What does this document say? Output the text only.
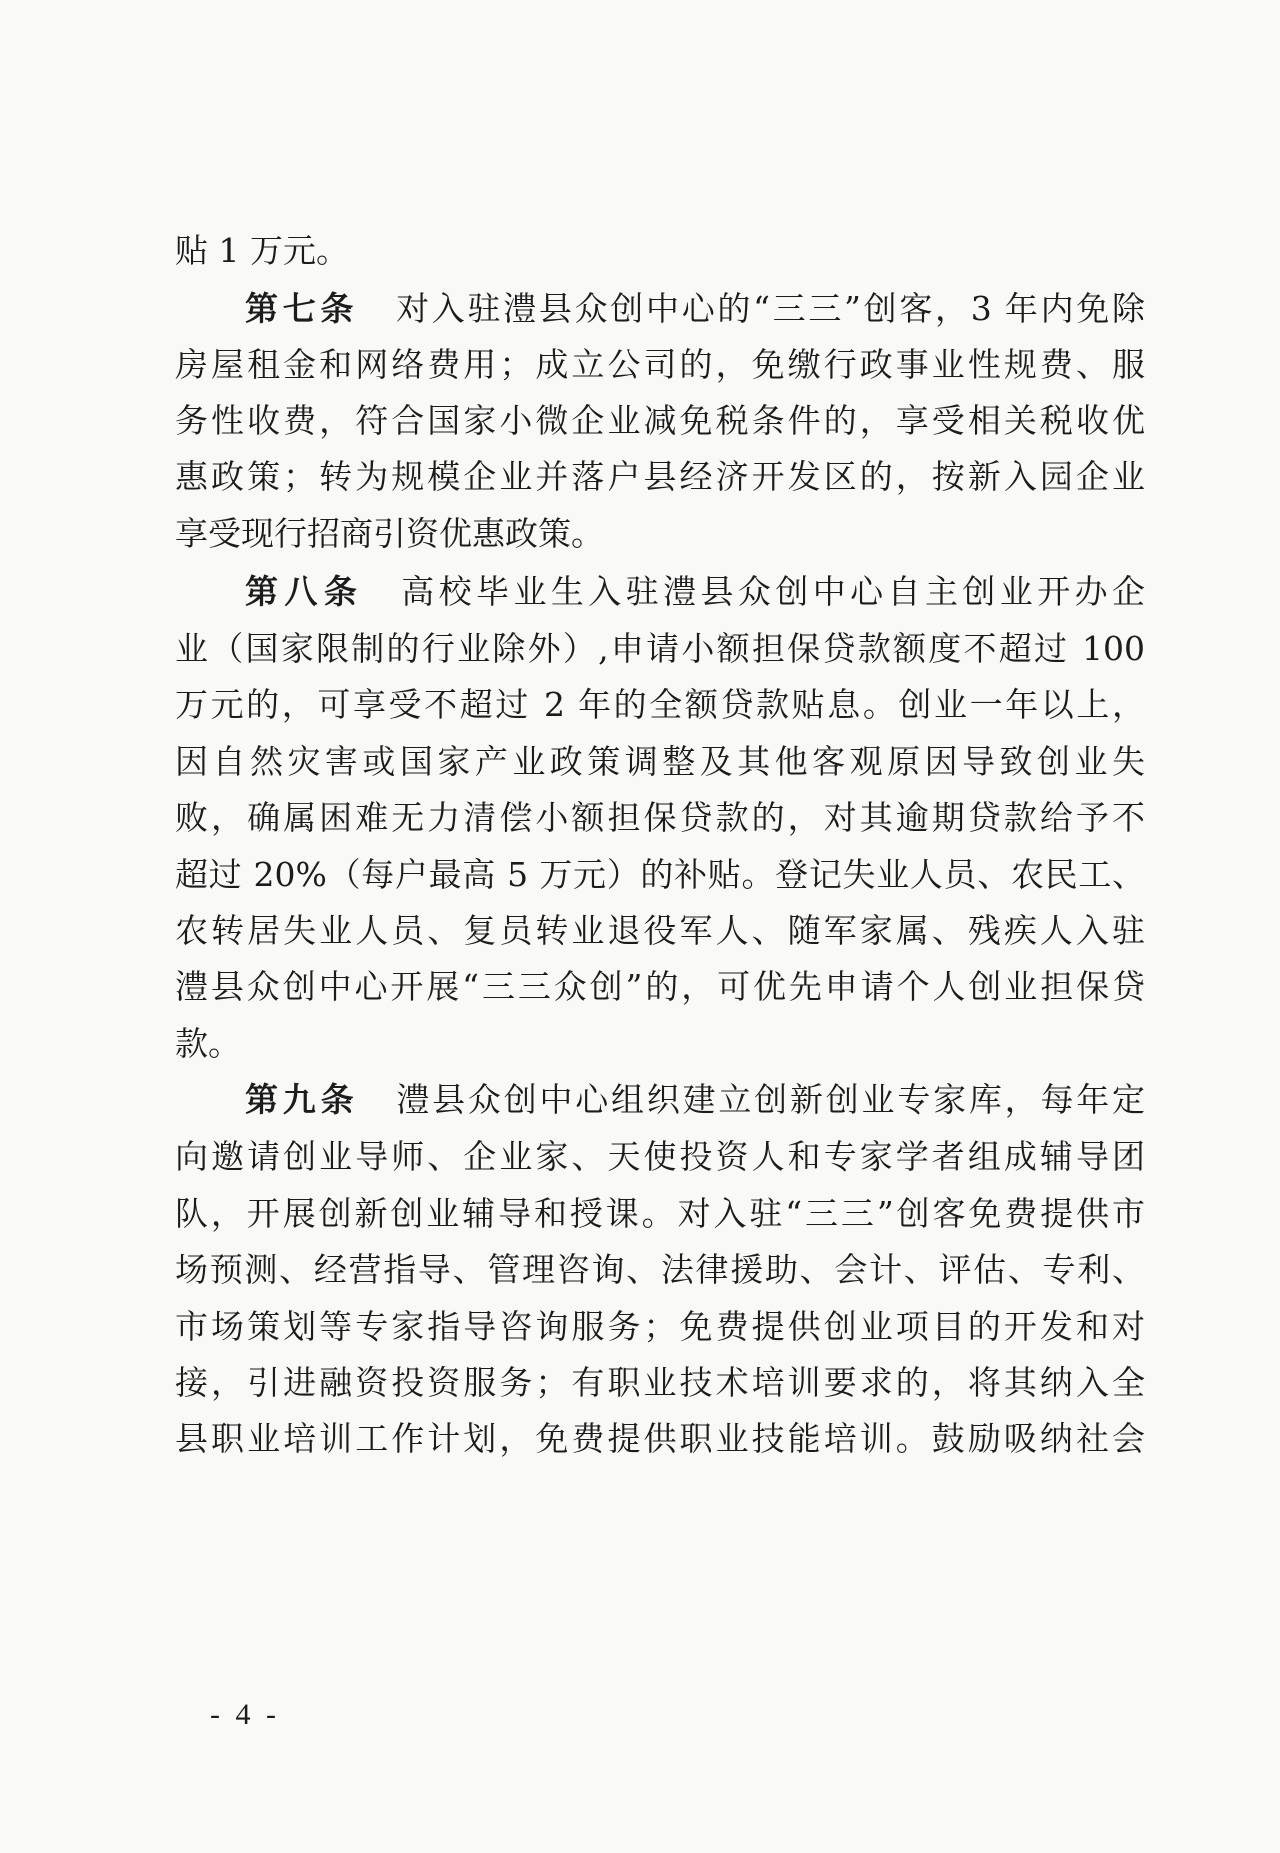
贴 1 万元。
第七条 对入驻澧县众创中心的“三三”创客，3 年内免除
房屋租金和网络费用；成立公司的，免缴行政事业性规费、服
务性收费，符合国家小微企业减免税条件的，享受相关税收优
惠政策；转为规模企业并落户县经济开发区的，按新入园企业
享受现行招商引资优惠政策。
第八条 高校毕业生入驻澧县众创中心自主创业开办企
业（国家限制的行业除外）,申请小额担保贷款额度不超过 100
万元的，可享受不超过 2 年的全额贷款贴息。创业一年以上，
因自然灾害或国家产业政策调整及其他客观原因导致创业失
败，确属困难无力清偿小额担保贷款的，对其逾期贷款给予不
超过 20%（每户最高 5 万元）的补贴。登记失业人员、农民工、
农转居失业人员、复员转业退役军人、随军家属、残疾人入驻
澧县众创中心开展“三三众创”的，可优先申请个人创业担保贷
款。
第九条 澧县众创中心组织建立创新创业专家库，每年定
向邀请创业导师、企业家、天使投资人和专家学者组成辅导团
队，开展创新创业辅导和授课。对入驻“三三”创客免费提供市
场预测、经营指导、管理咨询、法律援助、会计、评估、专利、
市场策划等专家指导咨询服务；免费提供创业项目的开发和对
接，引进融资投资服务；有职业技术培训要求的，将其纳入全
县职业培训工作计划，免费提供职业技能培训。鼓励吸纳社会
- 4 -
